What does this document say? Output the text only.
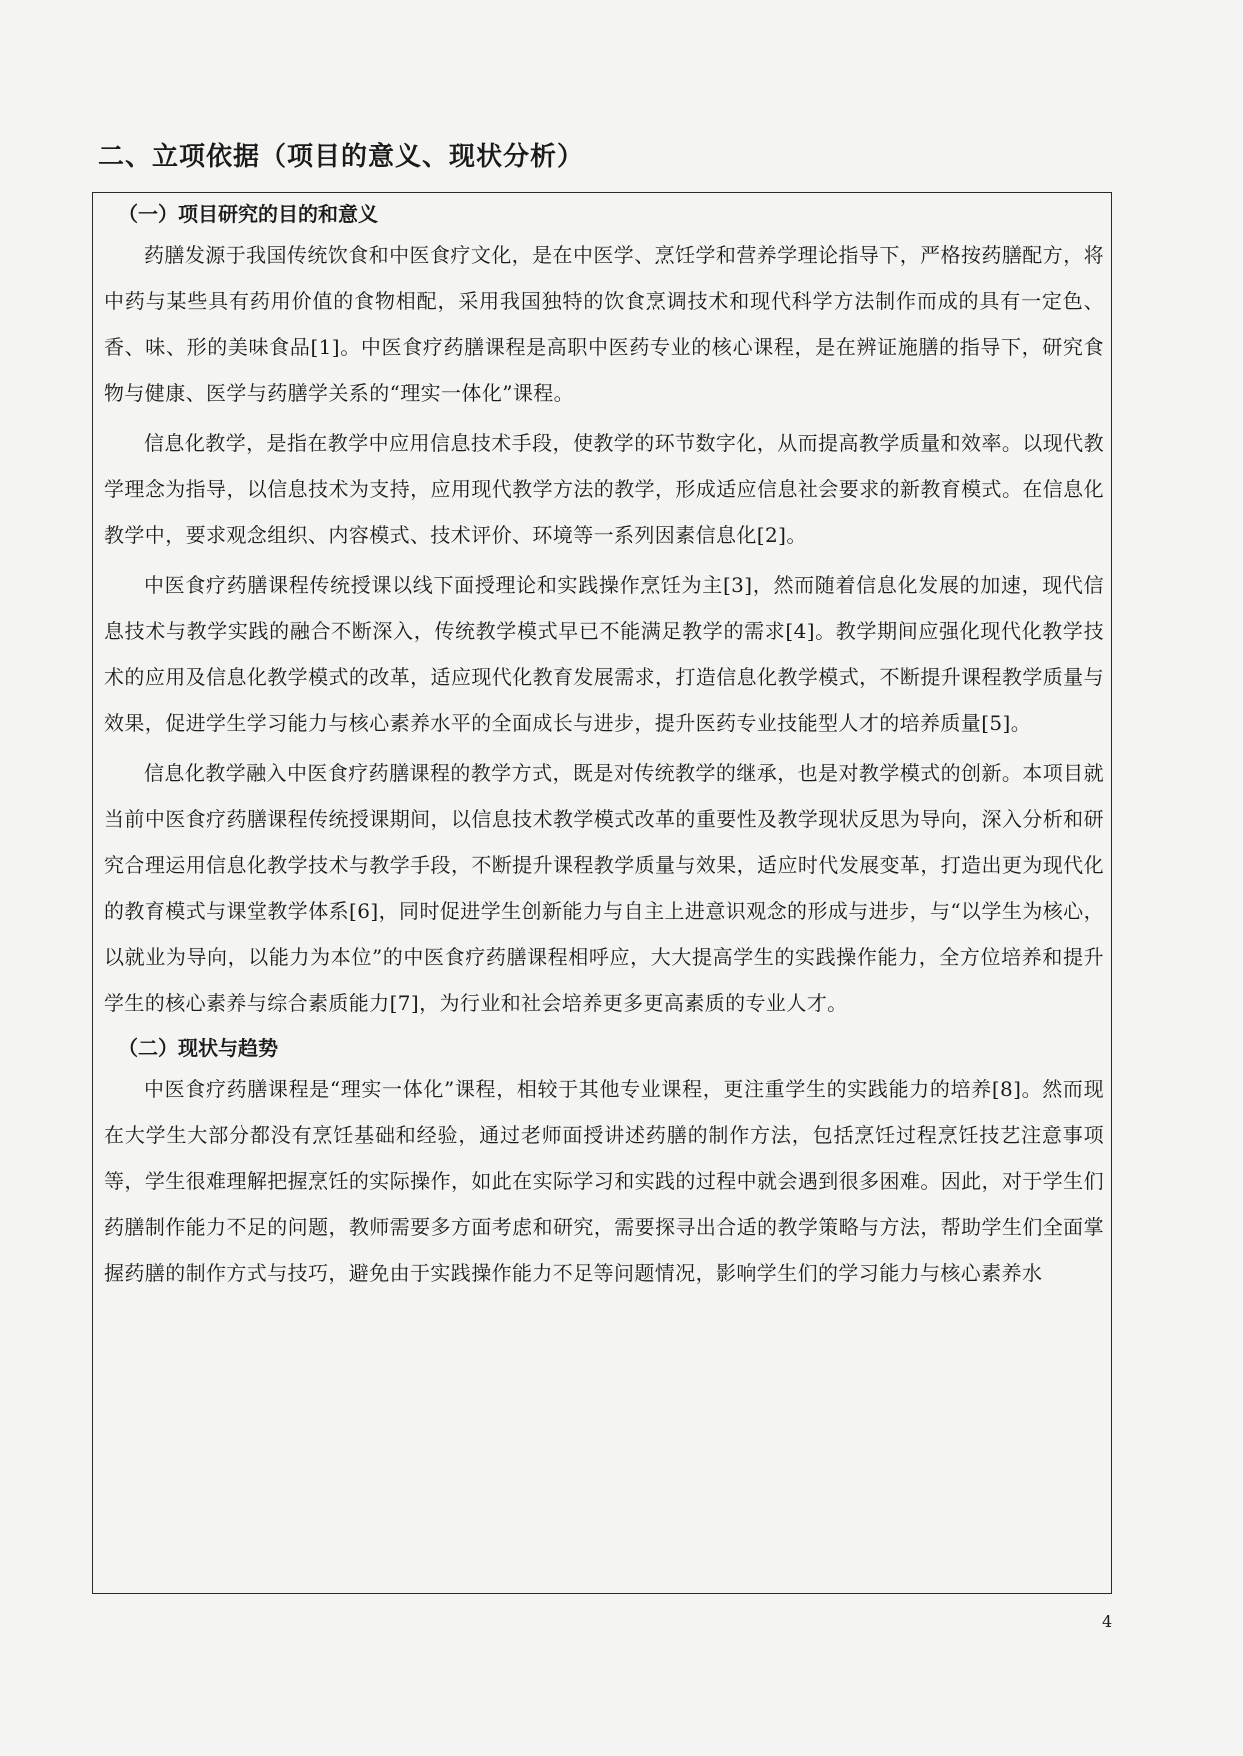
二、立项依据（项目的意义、现状分析）
（一）项目研究的目的和意义

药膳发源于我国传统饮食和中医食疗文化，是在中医学、烹饪学和营养学理论指导下，严格按药膳配方，将中药与某些具有药用价值的食物相配，采用我国独特的饮食烹调技术和现代科学方法制作而成的具有一定色、香、味、形的美味食品[1]。中医食疗药膳课程是高职中医药专业的核心课程，是在辨证施膳的指导下，研究食物与健康、医学与药膳学关系的“理实一体化”课程。

信息化教学，是指在教学中应用信息技术手段，使教学的环节数字化，从而提高教学质量和效率。以现代教学理念为指导，以信息技术为支持，应用现代教学方法的教学，形成适应信息社会要求的新教育模式。在信息化教学中，要求观念组织、内容模式、技术评价、环境等一系列因素信息化[2]。

中医食疗药膳课程传统授课以线下面授理论和实践操作烹饪为主[3]，然而随着信息化发展的加速，现代信息技术与教学实践的融合不断深入，传统教学模式早已不能满足教学的需求[4]。教学期间应强化现代化教学技术的应用及信息化教学模式的改革，适应现代化教育发展需求，打造信息化教学模式，不断提升课程教学质量与效果，促进学生学习能力与核心素养水平的全面成长与进步，提升医药专业技能型人才的培养质量[5]。

信息化教学融入中医食疗药膳课程的教学方式，既是对传统教学的继承，也是对教学模式的创新。本项目就当前中医食疗药膳课程传统授课期间，以信息技术教学模式改革的重要性及教学现状反思为导向，深入分析和研究合理运用信息化教学技术与教学手段，不断提升课程教学质量与效果，适应时代发展变革，打造出更为现代化的教育模式与课堂教学体系[6]，同时促进学生创新能力与自主上进意识观念的形成与进步，与“以学生为核心，以就业为导向，以能力为本位”的中医食疗药膳课程相呼应，大大提高学生的实践操作能力，全方位培养和提升学生的核心素养与综合素质能力[7]，为行业和社会培养更多更高素质的专业人才。

（二）现状与趋势

中医食疗药膳课程是“理实一体化”课程，相较于其他专业课程，更注重学生的实践能力的培养[8]。然而现在大学生大部分都没有烹饪基础和经验，通过老师面授讲述药膳的制作方法，包括烹饪过程烹饪技艺注意事项等，学生很难理解把握烹饪的实际操作，如此在实际学习和实践的过程中就会遇到很多困难。因此，对于学生们药膳制作能力不足的问题，教师需要多方面考虑和研究，需要探寻出合适的教学策略与方法，帮助学生们全面掌握药膳的制作方式与技巧，避免由于实践操作能力不足等问题情况，影响学生们的学习能力与核心素养水

4
